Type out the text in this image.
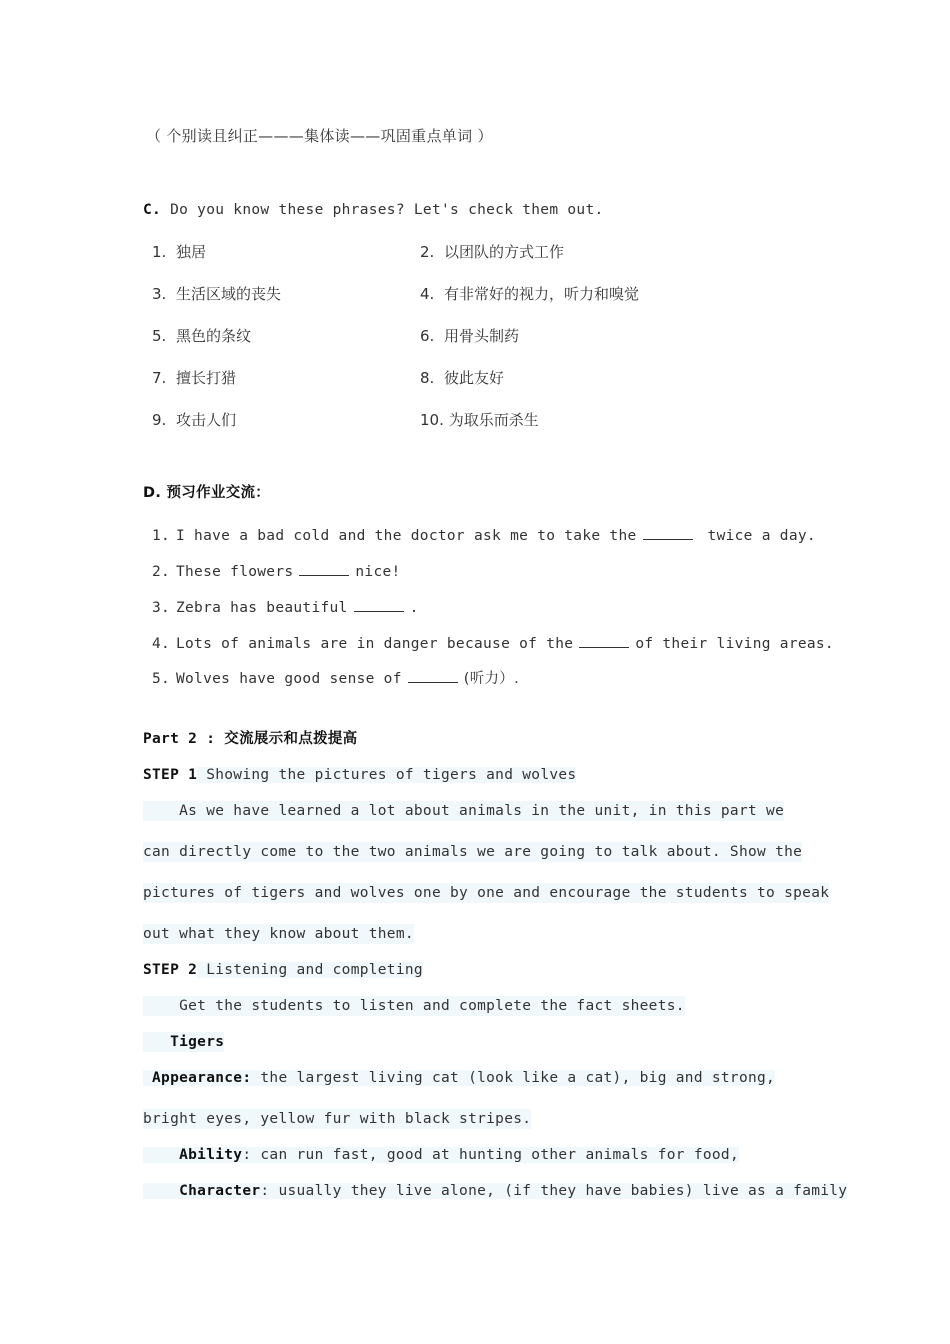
（ 个别读且纠正———集体读——巩固重点单词 ）
C. Do you know these phrases? Let's check them out.
1. 独居	2. 以团队的方式工作
3. 生活区域的丧失	4. 有非常好的视力，听力和嗅觉
5. 黑色的条纹	6. 用骨头制药
7. 擅长打猎	8. 彼此友好
9. 攻击人们	10. 为取乐而杀生
D. 预习作业交流：
1. I have a bad cold and the doctor ask me to take the	twice a day.
2. These flowers	nice!
3. Zebra has beautiful	.
4. Lots of animals are in danger because of the	of their living areas.
5. Wolves have good sense of	(听力）.
Part 2 : 交流展示和点拨提高
STEP 1 Showing the pictures of tigers and wolves
As we have learned a lot about animals in the unit, in this part we
can directly come to the two animals we are going to talk about. Show the
pictures of tigers and wolves one by one and encourage the students to speak
out what they know about them.
STEP 2 Listening and completing
Get the students to listen and complete the fact sheets.
Tigers
Appearance: the largest living cat (look like a cat), big and strong,
bright eyes, yellow fur with black stripes.
Ability: can run fast, good at hunting other animals for food,
Character: usually they live alone, (if they have babies) live as a family
